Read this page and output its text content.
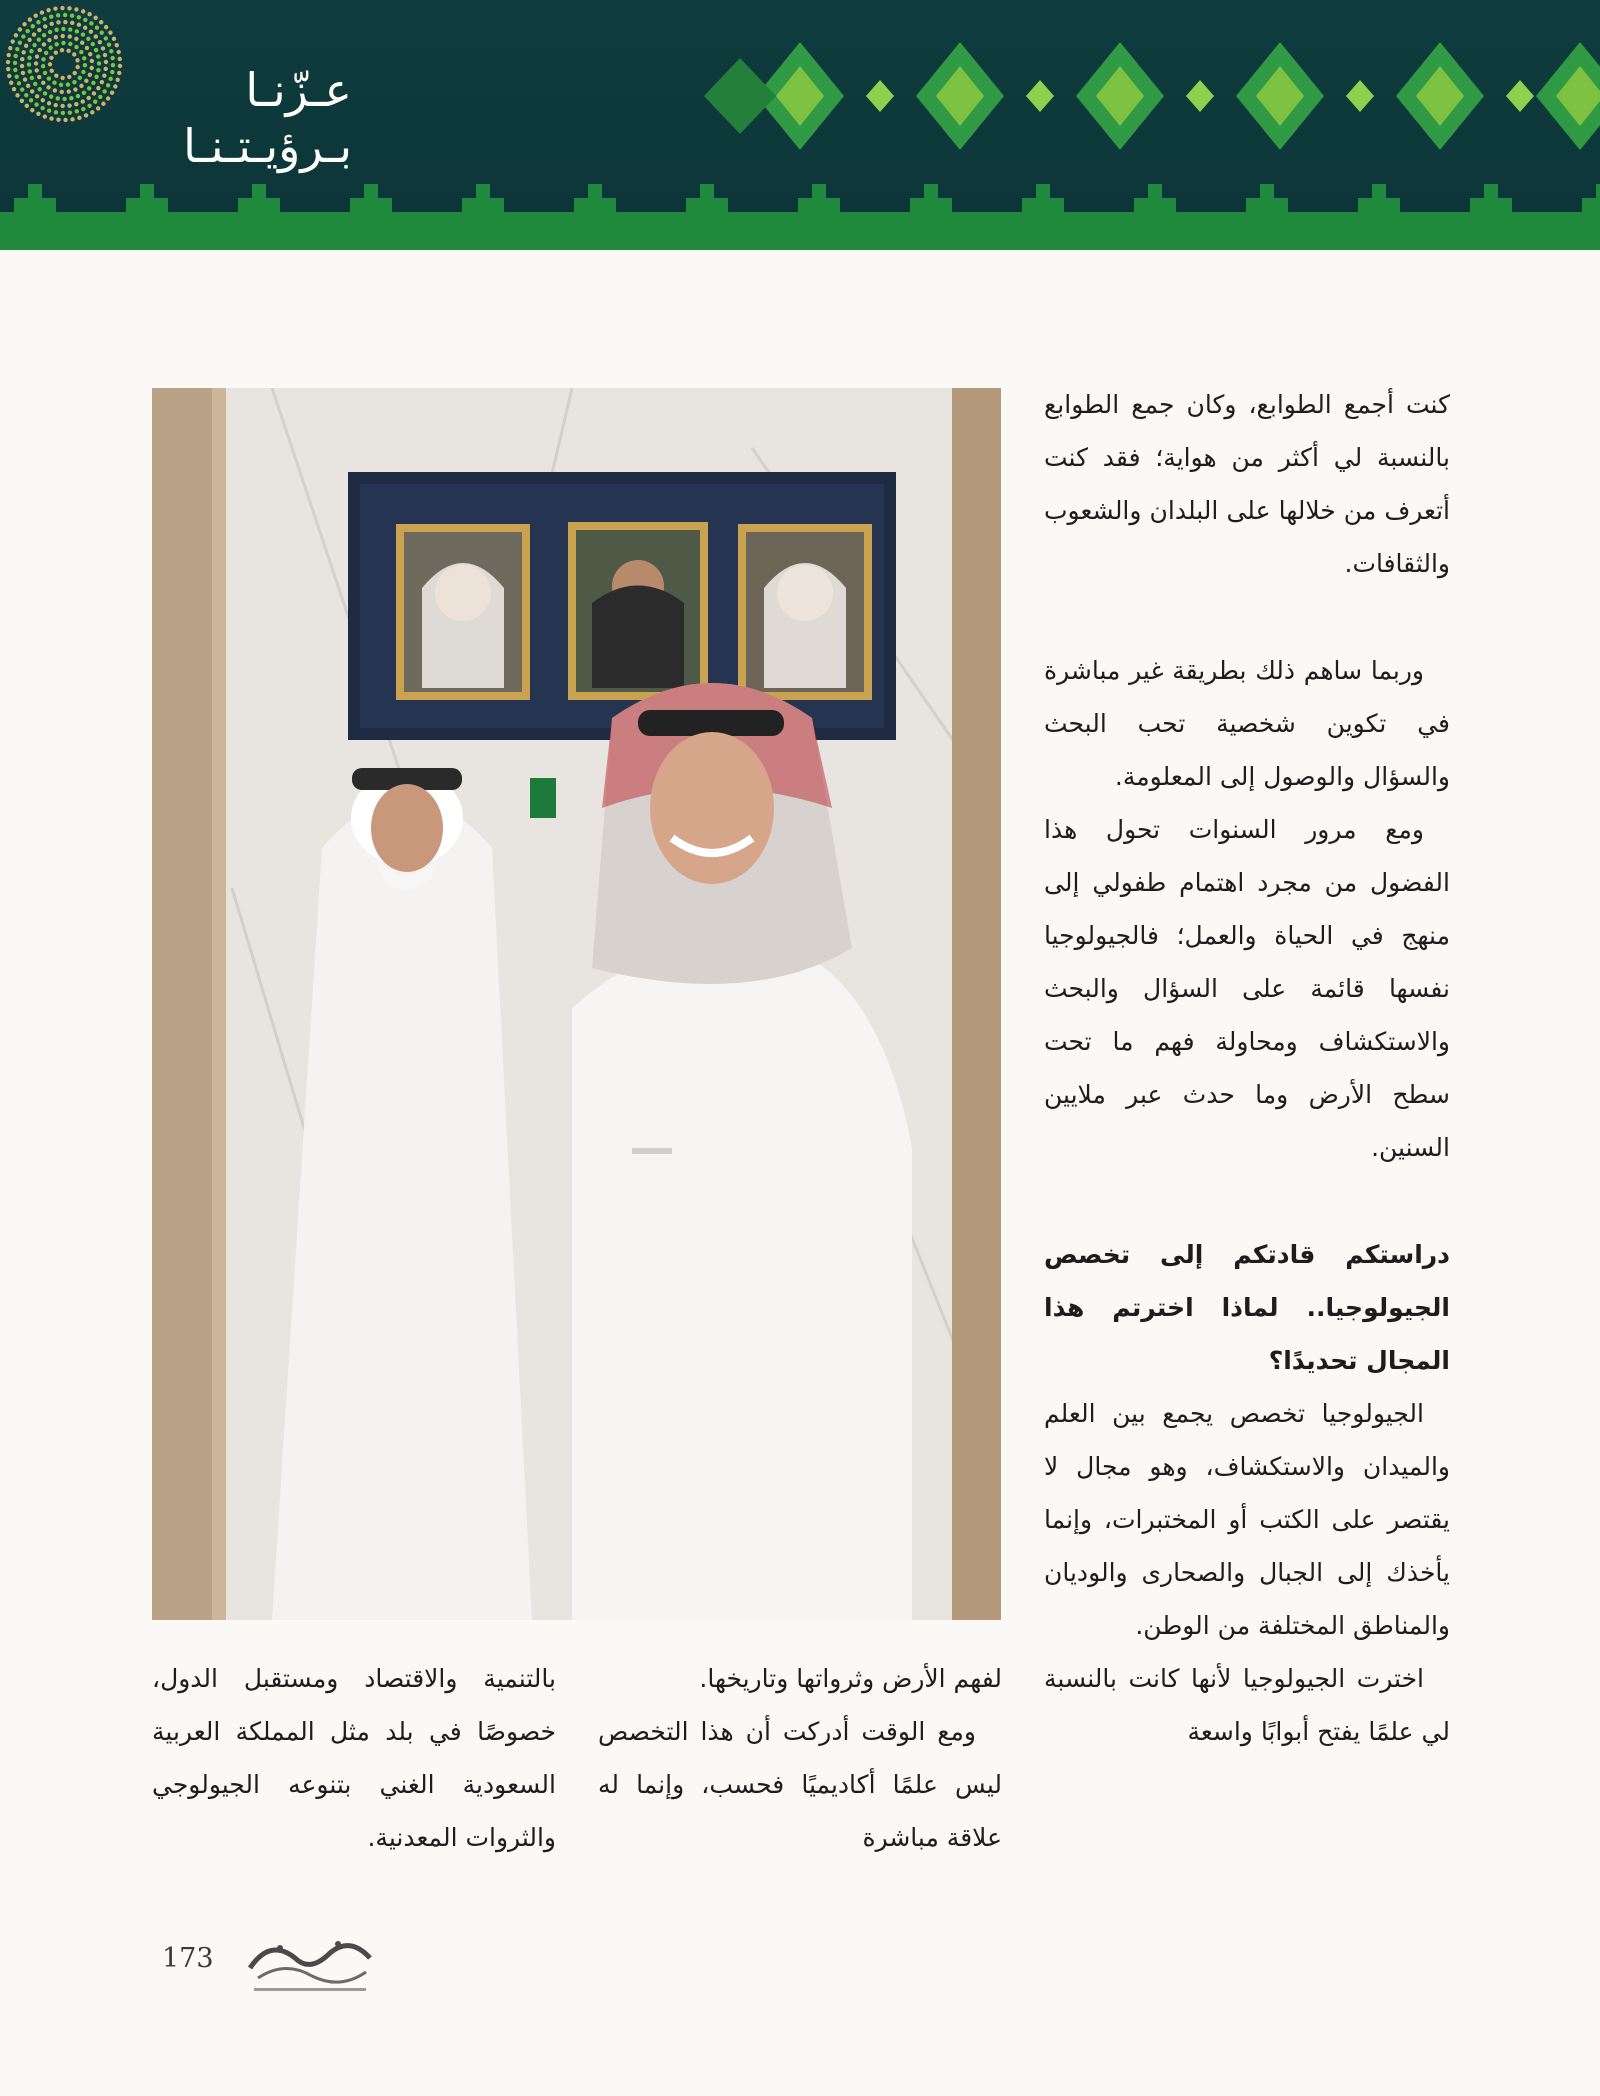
عـزّنـا
بـرؤيـتـنـا

كنت أجمع الطوابع، وكان جمع الطوابع بالنسبة لي أكثر من هواية؛ فقد كنت أتعرف من خلالها على البلدان والشعوب والثقافات.

وربما ساهم ذلك بطريقة غير مباشرة في تكوين شخصية تحب البحث والسؤال والوصول إلى المعلومة.

ومع مرور السنوات تحول هذا الفضول من مجرد اهتمام طفولي إلى منهج في الحياة والعمل؛ فالجيولوجيا نفسها قائمة على السؤال والبحث والاستكشاف ومحاولة فهم ما تحت سطح الأرض وما حدث عبر ملايين السنين.

دراستكم قادتكم إلى تخصص الجيولوجيا.. لماذا اخترتم هذا المجال تحديدًا؟

الجيولوجيا تخصص يجمع بين العلم والميدان والاستكشاف، وهو مجال لا يقتصر على الكتب أو المختبرات، وإنما يأخذك إلى الجبال والصحارى والوديان والمناطق المختلفة من الوطن.

اخترت الجيولوجيا لأنها كانت بالنسبة لي علمًا يفتح أبوابًا واسعة

لفهم الأرض وثرواتها وتاريخها.

ومع الوقت أدركت أن هذا التخصص ليس علمًا أكاديميًا فحسب، وإنما له علاقة مباشرة

بالتنمية والاقتصاد ومستقبل الدول، خصوصًا في بلد مثل المملكة العربية السعودية الغني بتنوعه الجيولوجي والثروات المعدنية.

173
